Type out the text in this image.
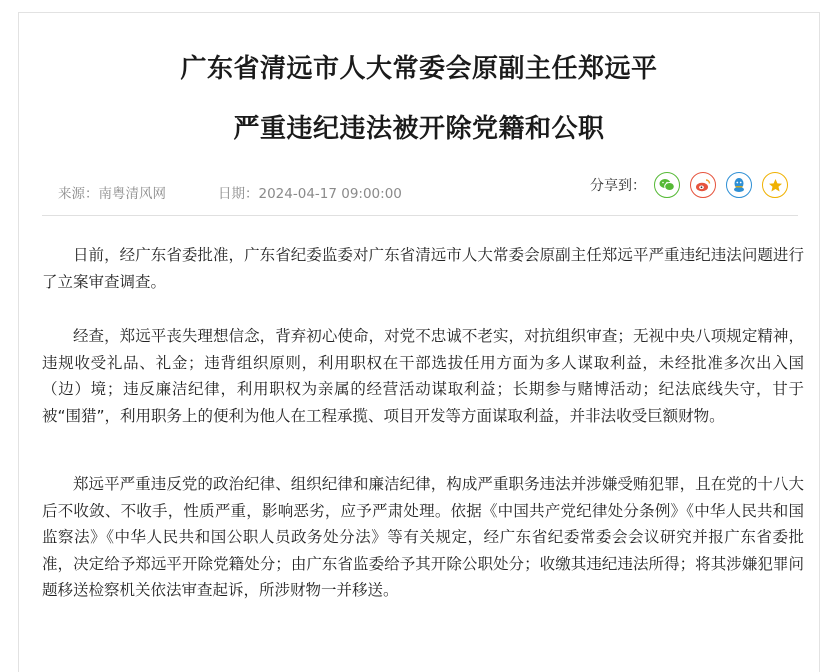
广东省清远市人大常委会原副主任郑远平
严重违纪违法被开除党籍和公职
来源：南粤清风网	日期：2024-04-17 09:00:00	分享到：

日前，经广东省委批准，广东省纪委监委对广东省清远市人大常委会原副主任郑远平严重违纪违法问题进行了立案审查调查。

经查，郑远平丧失理想信念，背弃初心使命，对党不忠诚不老实，对抗组织审查；无视中央八项规定精神，违规收受礼品、礼金；违背组织原则，利用职权在干部选拔任用方面为多人谋取利益，未经批准多次出入国（边）境；违反廉洁纪律，利用职权为亲属的经营活动谋取利益；长期参与赌博活动；纪法底线失守，甘于被“围猎”，利用职务上的便利为他人在工程承揽、项目开发等方面谋取利益，并非法收受巨额财物。

郑远平严重违反党的政治纪律、组织纪律和廉洁纪律，构成严重职务违法并涉嫌受贿犯罪，且在党的十八大后不收敛、不收手，性质严重，影响恶劣，应予严肃处理。依据《中国共产党纪律处分条例》《中华人民共和国监察法》《中华人民共和国公职人员政务处分法》等有关规定，经广东省纪委常委会会议研究并报广东省委批准，决定给予郑远平开除党籍处分；由广东省监委给予其开除公职处分；收缴其违纪违法所得；将其涉嫌犯罪问题移送检察机关依法审查起诉，所涉财物一并移送。
